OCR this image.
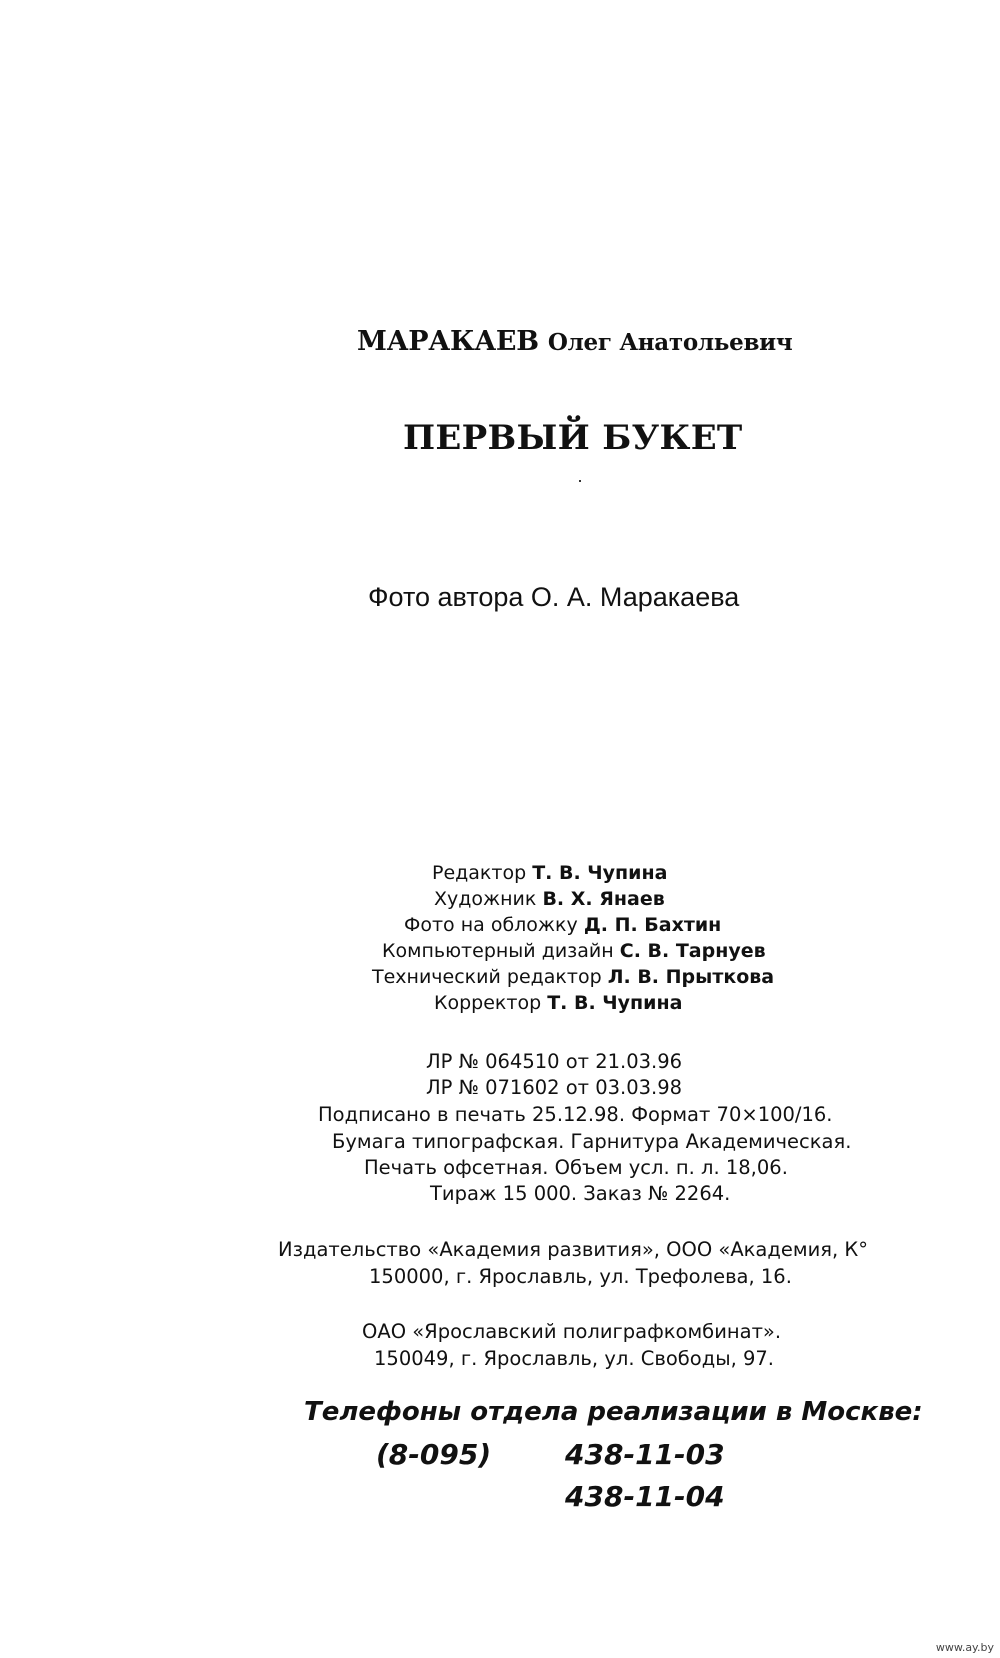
МАРАКАЕВ Олег Анатольевич
ПЕРВЫЙ БУКЕТ
Фото автора О. А. Маракаева
Редактор Т. В. Чупина
Художник В. Х. Янаев
Фото на обложку Д. П. Бахтин
Компьютерный дизайн С. В. Тарнуев
Технический редактор Л. В. Прыткова
Корректор Т. В. Чупина
ЛР № 064510 от 21.03.96
ЛР № 071602 от 03.03.98
Подписано в печать 25.12.98. Формат 70×100/16.
Бумага типографская. Гарнитура Академическая.
Печать офсетная. Объем усл. п. л. 18,06.
Тираж 15 000. Заказ № 2264.
Издательство «Академия развития», ООО «Академия, К°
150000, г. Ярославль, ул. Трефолева, 16.
ОАО «Ярославский полиграфкомбинат».
150049, г. Ярославль, ул. Свободы, 97.
Телефоны отдела реализации в Москве:
(8-095)	438-11-03
438-11-04
www.ay.by
